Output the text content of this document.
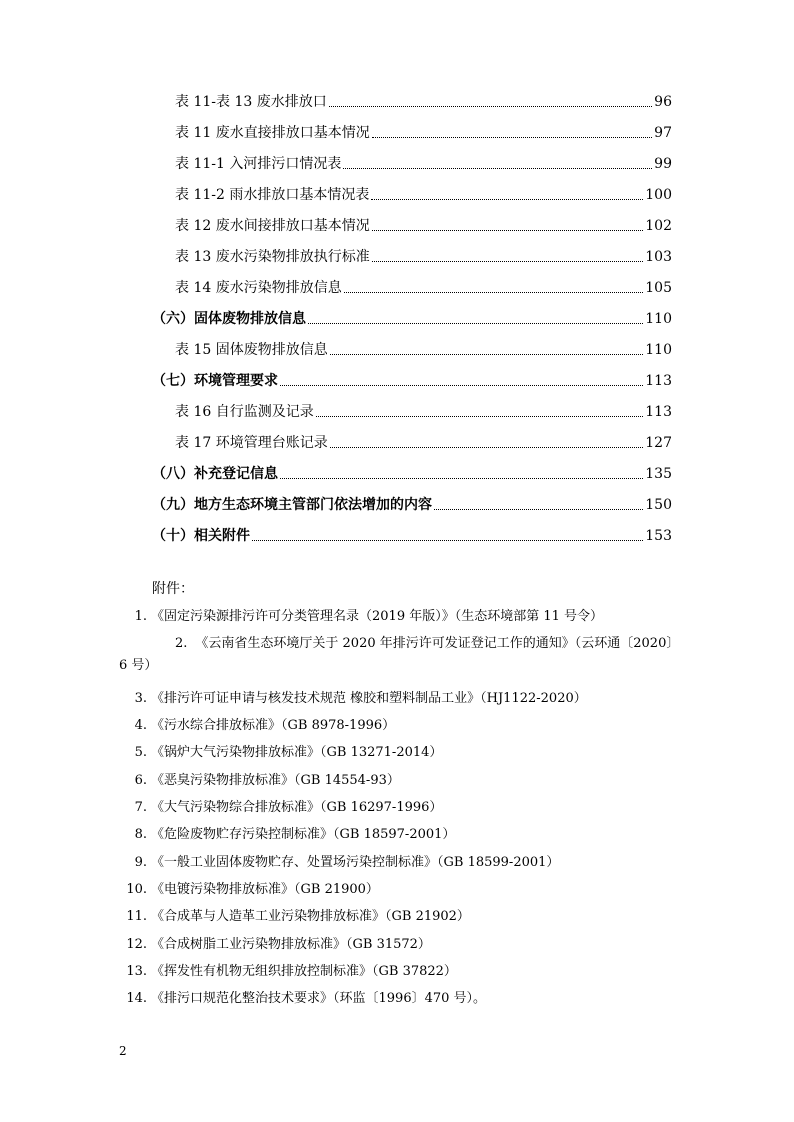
表 11-表 13 废水排放口	96
表 11 废水直接排放口基本情况	97
表 11-1 入河排污口情况表	99
表 11-2 雨水排放口基本情况表	100
表 12 废水间接排放口基本情况	102
表 13 废水污染物排放执行标准	103
表 14 废水污染物排放信息	105
（六）固体废物排放信息	110
表 15 固体废物排放信息	110
（七）环境管理要求	113
表 16 自行监测及记录	113
表 17 环境管理台账记录	127
（八）补充登记信息	135
（九）地方生态环境主管部门依法增加的内容	150
（十）相关附件	153
附件：
1. 《固定污染源排污许可分类管理名录（2019 年版）》（生态环境部第 11 号令）
2. 《云南省生态环境厅关于 2020 年排污许可发证登记工作的通知》（云环通〔2020〕6 号）
3. 《排污许可证申请与核发技术规范 橡胶和塑料制品工业》（HJ1122-2020）
4. 《污水综合排放标准》（GB 8978-1996）
5. 《锅炉大气污染物排放标准》（GB 13271-2014）
6. 《恶臭污染物排放标准》（GB 14554-93）
7. 《大气污染物综合排放标准》（GB 16297-1996）
8. 《危险废物贮存污染控制标准》（GB 18597-2001）
9. 《一般工业固体废物贮存、处置场污染控制标准》（GB 18599-2001）
10. 《电镀污染物排放标准》（GB 21900）
11. 《合成革与人造革工业污染物排放标准》（GB 21902）
12. 《合成树脂工业污染物排放标准》（GB 31572）
13. 《挥发性有机物无组织排放控制标准》（GB 37822）
14. 《排污口规范化整治技术要求》（环监〔1996〕470 号）。
2
